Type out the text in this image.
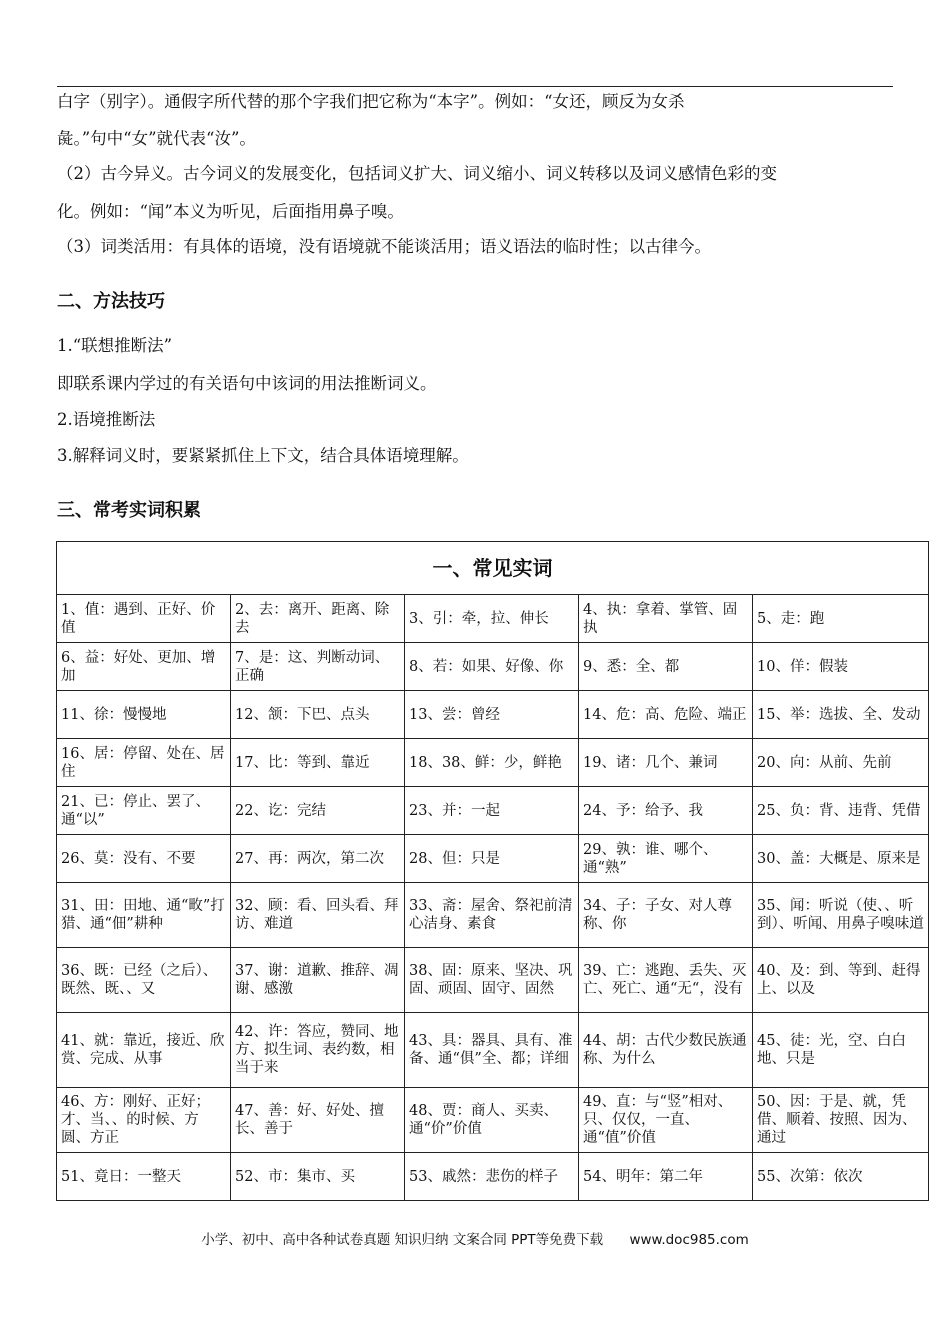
白字（别字）。通假字所代替的那个字我们把它称为“本字”。例如：“女还，顾反为女杀
彘。”句中“女”就代表“汝”。
（2）古今异义。古今词义的发展变化，包括词义扩大、词义缩小、词义转移以及词义感情色彩的变
化。例如：“闻”本义为听见，后面指用鼻子嗅。
（3）词类活用：有具体的语境，没有语境就不能谈活用；语义语法的临时性；以古律今。
二、方法技巧
1.“联想推断法”
即联系课内学过的有关语句中该词的用法推断词义。
2.语境推断法
3.解释词义时，要紧紧抓住上下文，结合具体语境理解。
三、常考实词积累
一、常见实词				
1、值：遇到、正好、价值	2、去：离开、距离、除去	3、引：牵，拉、伸长	4、执：拿着、掌管、固执	5、走：跑
6、益：好处、更加、增加	7、是：这、判断动词、正确	8、若：如果、好像、你	9、悉：全、都	10、佯：假装
11、徐：慢慢地	12、颔：下巴、点头	13、尝：曾经	14、危：高、危险、端正	15、举：选拔、全、发动
16、居：停留、处在、居住	17、比：等到、靠近	18、38、鲜：少，鲜艳	19、诸：几个、兼词	20、向：从前、先前
21、已：停止、罢了、通“以”	22、讫：完结	23、并：一起	24、予：给予、我	25、负：背、违背、凭借
26、莫：没有、不要	27、再：两次，第二次	28、但：只是	29、孰：谁、哪个、通“熟”	30、盖：大概是、原来是
31、田：田地、通“畋”打猎、通“佃”耕种	32、顾：看、回头看、拜访、难道	33、斋：屋舍、祭祀前清心洁身、素食	34、子：子女、对人尊称、你	35、闻：听说（使、、听到）、听闻、用鼻子嗅味道
36、既：已经（之后）、既然、既、、又	37、谢：道歉、推辞、凋谢、感激	38、固：原来、坚决、巩固、顽固、固守、固然	39、亡：逃跑、丢失、灭亡、死亡、通“无“，没有	40、及：到、等到、赶得上、以及
41、就：靠近，接近、欣赏、完成、从事	42、许：答应，赞同、地方、拟生词、表约数，相当于来	43、具：器具、具有、准备、通“俱”全、都；详细	44、胡：古代少数民族通称、为什么	45、徒：光，空、白白地、只是
46、方：刚好、正好；才、当、、的时候、方圆、方正	47、善：好、好处、擅长、善于	48、贾：商人、买卖、通“价”价值	49、直：与“竖”相对、只、仅仅，一直、通“值”价值	50、因：于是、就，凭借、顺着、按照、因为、通过
51、竟日：一整天	52、市：集市、买	53、戚然：悲伤的样子	54、明年：第二年	55、次第：依次
小学、初中、高中各种试卷真题 知识归纳 文案合同 PPT等免费下载 www.doc985.com
